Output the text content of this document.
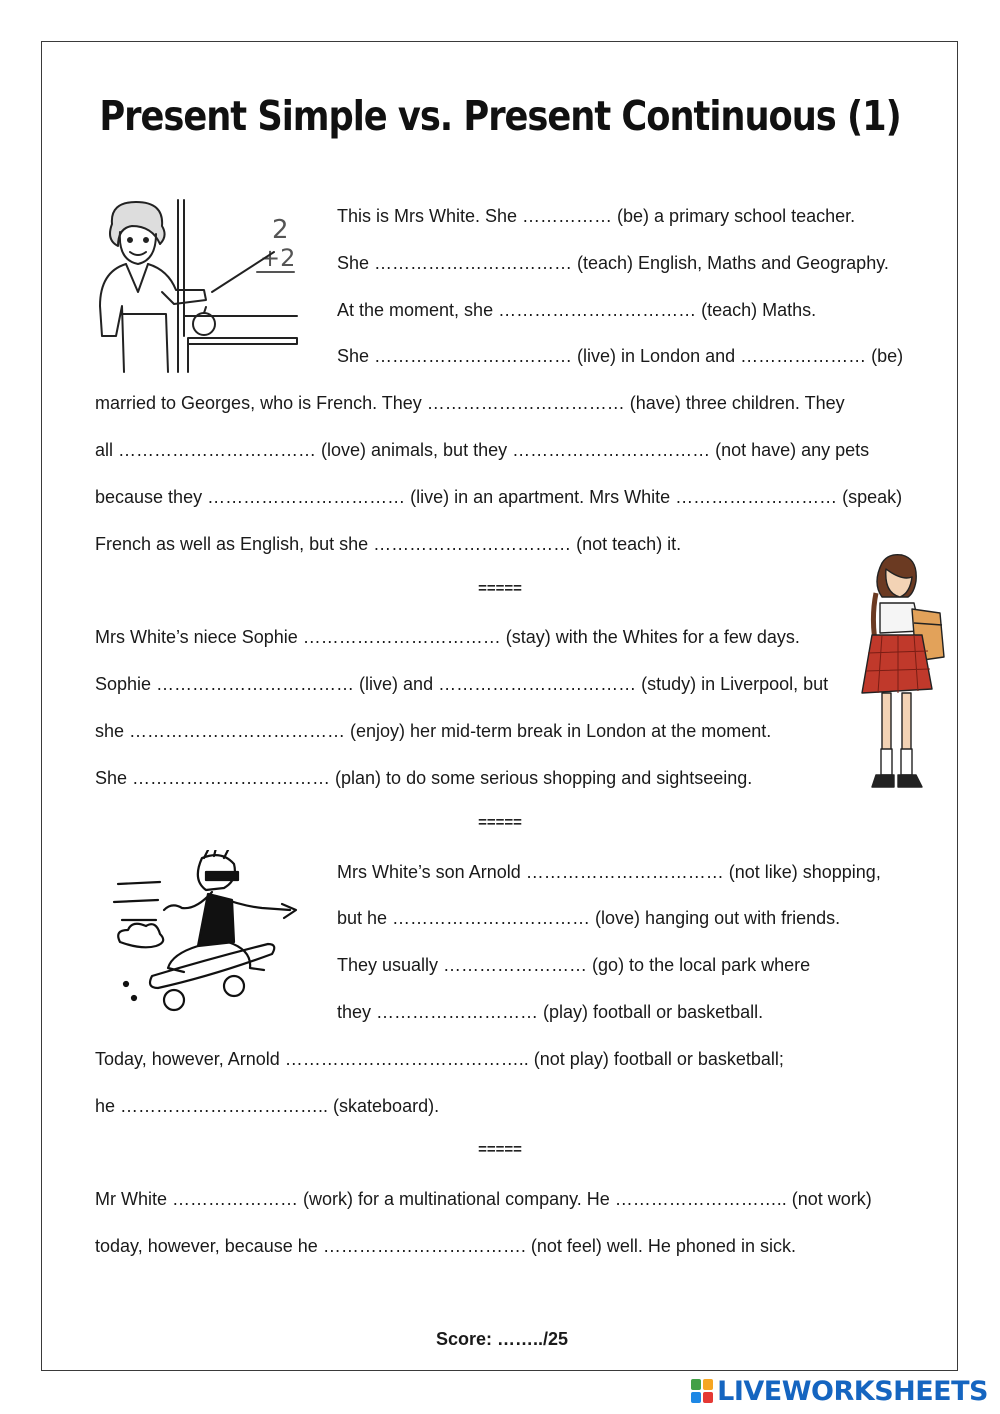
Present Simple vs. Present Continuous (1)
2
+2
This is Mrs White. She …………… (be) a primary school teacher.
She …………………………… (teach) English, Maths and Geography.
At the moment, she …………………………… (teach) Maths.
She …………………………… (live) in London and ………………… (be)
married to Georges, who is French. They …………………………… (have) three children. They
all …………………………… (love) animals, but they …………………………… (not have) any pets
because they …………………………… (live) in an apartment. Mrs White ……………………… (speak)
French as well as English, but she …………………………… (not teach) it.
=====
Mrs White’s niece Sophie …………………………… (stay) with the Whites for a few days.
Sophie …………………………… (live) and …………………………… (study) in Liverpool, but
she ……………………………… (enjoy) her mid-term break in London at the moment.
She …………………………… (plan) to do some serious shopping and sightseeing.
=====
Mrs White’s son Arnold …………………………… (not like) shopping,
but he …………………………… (love) hanging out with friends.
They usually …………………… (go) to the local park where
they ……………………… (play) football or basketball.
Today, however, Arnold ………………………………….. (not play) football or basketball;
he …………………………….. (skateboard).
=====
Mr White ………………… (work) for a multinational company. He ……………………….. (not work)
today, however, because he ……………………………. (not feel) well. He phoned in sick.
Score: ……../25
LIVEWORKSHEETS
